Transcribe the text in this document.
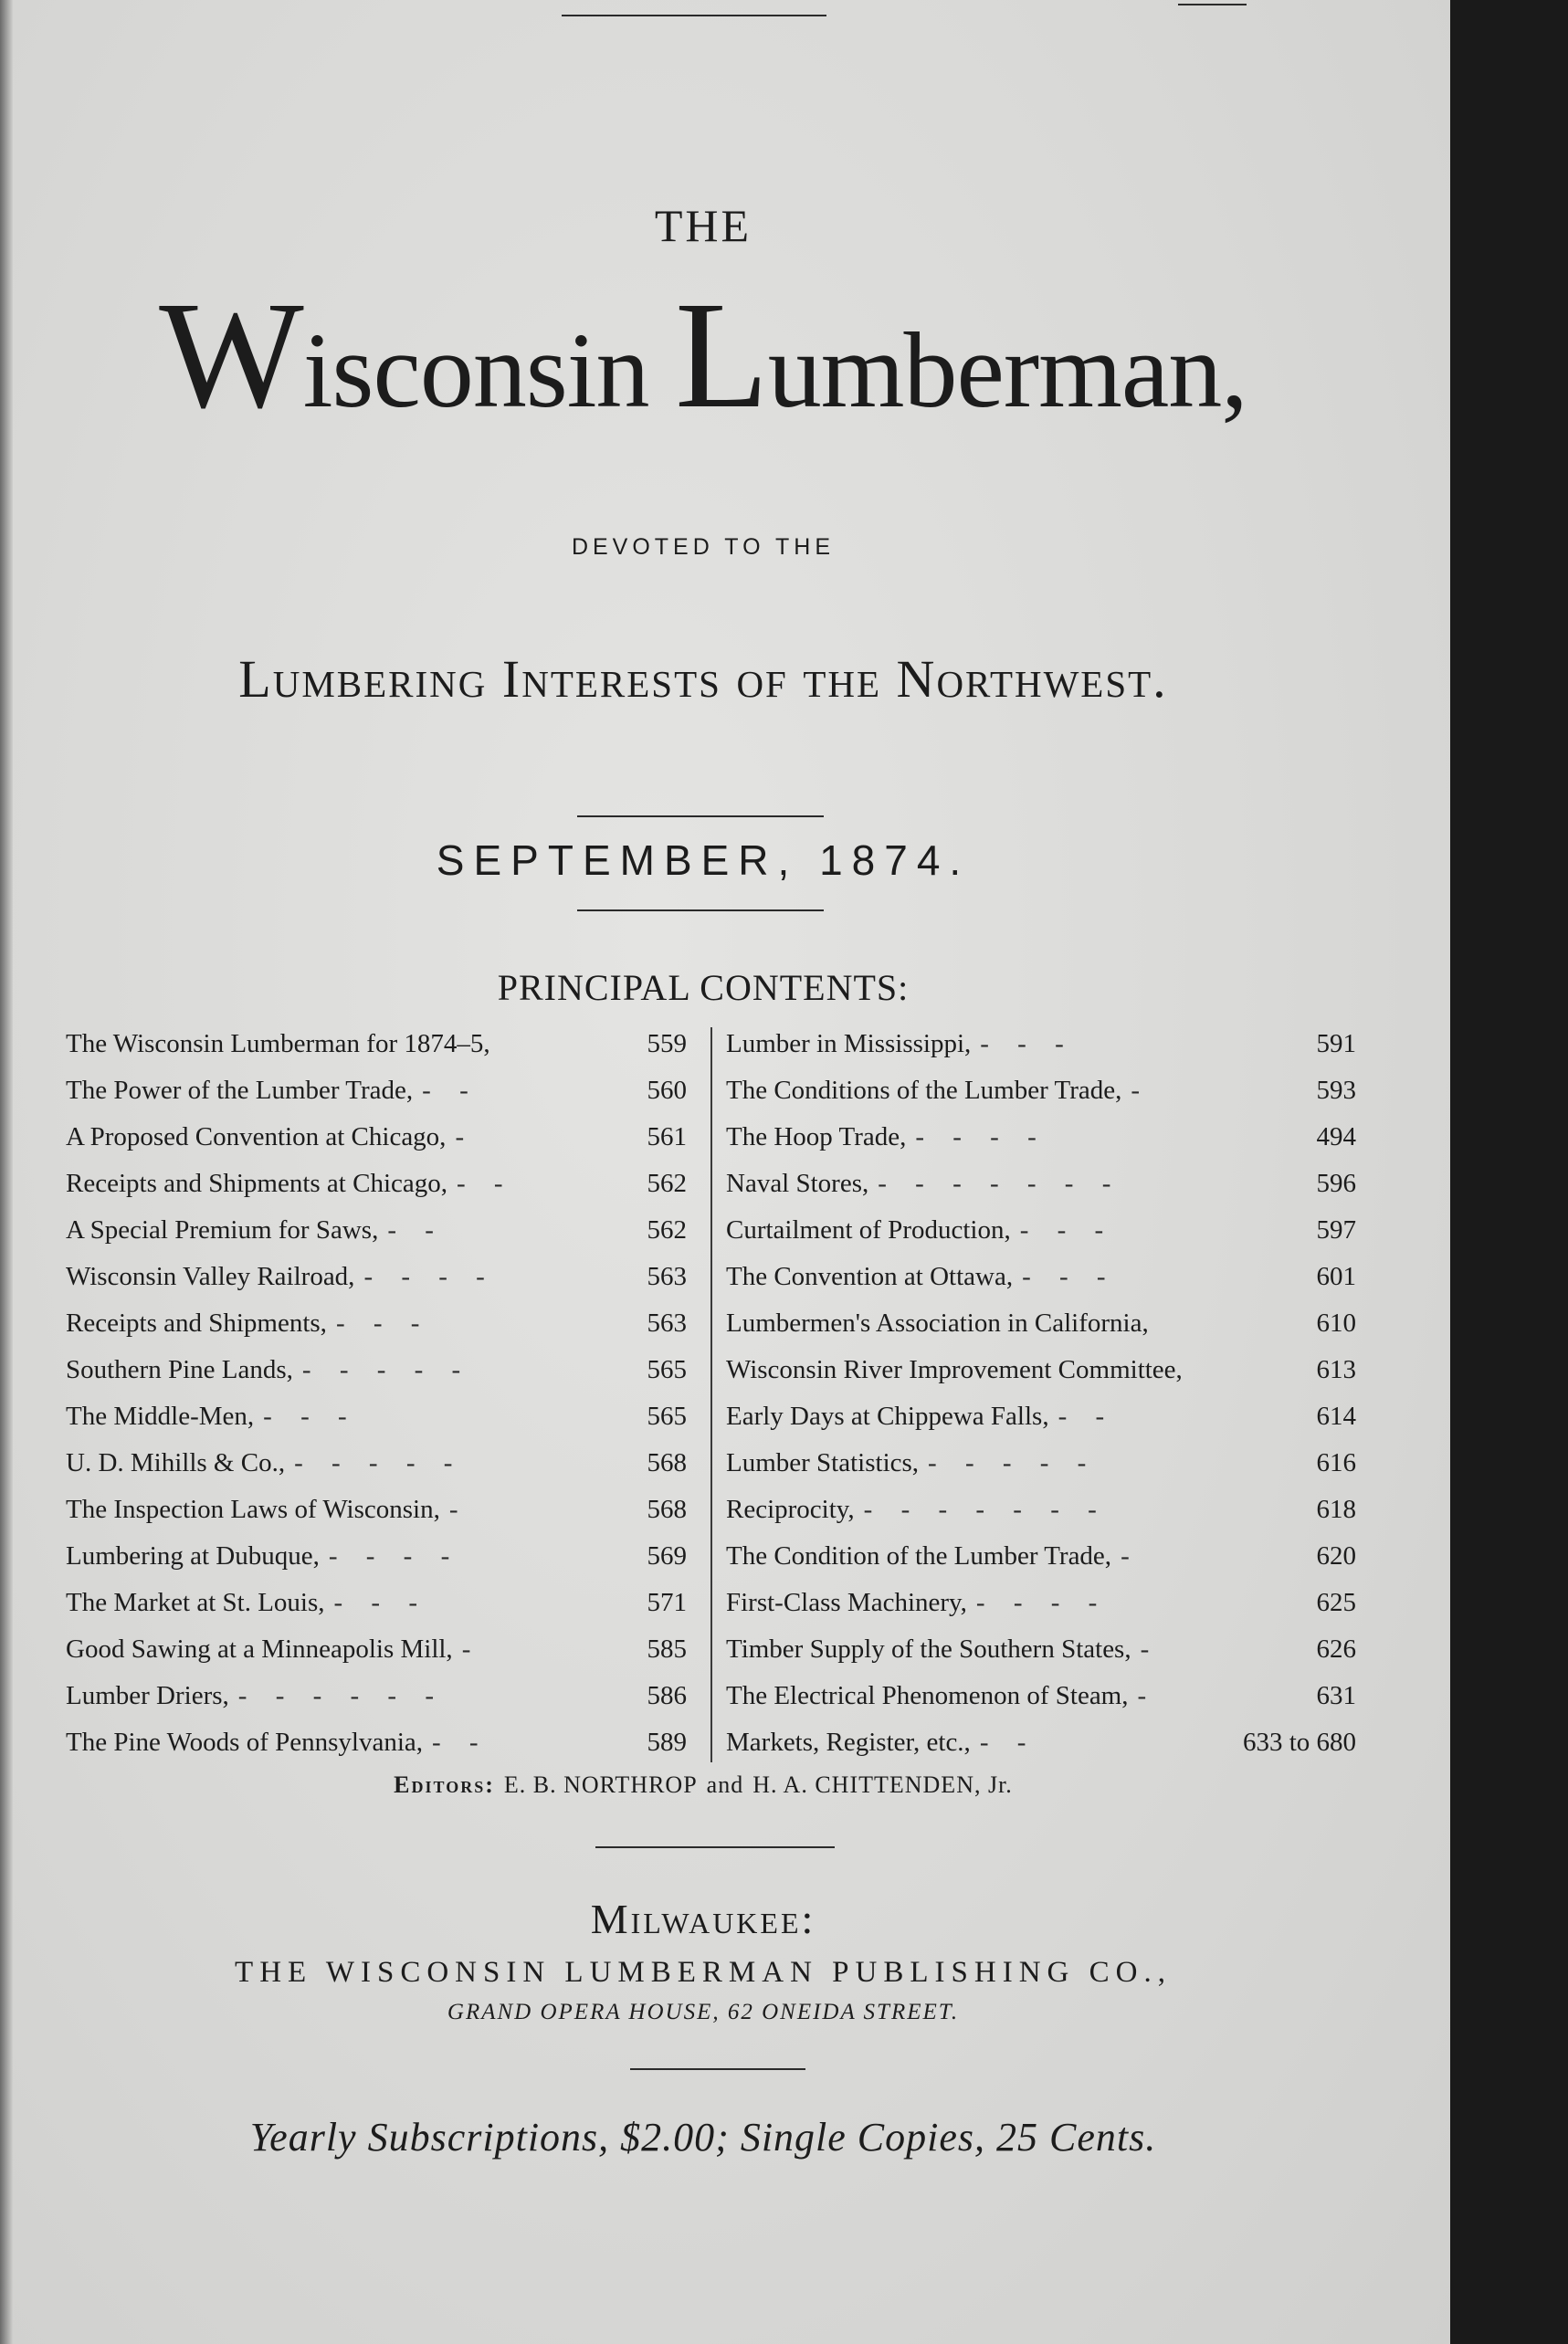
THE
Wisconsin Lumberman,
DEVOTED TO THE
Lumbering Interests of the Northwest.
SEPTEMBER, 1874.
PRINCIPAL CONTENTS:
The Wisconsin Lumberman for 1874–5,	559
The Power of the Lumber Trade, - -	560
A Proposed Convention at Chicago, -	561
Receipts and Shipments at Chicago, - -	562
A Special Premium for Saws, - -	562
Wisconsin Valley Railroad, - - - -	563
Receipts and Shipments, - - -	563
Southern Pine Lands, - - - - -	565
The Middle-Men, - - -	565
U. D. Mihills & Co., - - - - -	568
The Inspection Laws of Wisconsin, -	568
Lumbering at Dubuque, - - - -	569
The Market at St. Louis, - - -	571
Good Sawing at a Minneapolis Mill, -	585
Lumber Driers, - - - - - -	586
The Pine Woods of Pennsylvania, - -	589
Lumber in Mississippi, - - -	591
The Conditions of the Lumber Trade, -	593
The Hoop Trade, - - - -	494
Naval Stores, - - - - - - -	596
Curtailment of Production, - - -	597
The Convention at Ottawa, - - -	601
Lumbermen's Association in California,	610
Wisconsin River Improvement Committee,	613
Early Days at Chippewa Falls, - -	614
Lumber Statistics, - - - - -	616
Reciprocity, - - - - - - -	618
The Condition of the Lumber Trade, -	620
First-Class Machinery, - - - -	625
Timber Supply of the Southern States, -	626
The Electrical Phenomenon of Steam, -	631
Markets, Register, etc., - -	633 to 680
Editors: E. B. NORTHROP and H. A. CHITTENDEN, Jr.
Milwaukee:
THE WISCONSIN LUMBERMAN PUBLISHING CO.,
GRAND OPERA HOUSE, 62 ONEIDA STREET.
Yearly Subscriptions, $2.00; Single Copies, 25 Cents.
